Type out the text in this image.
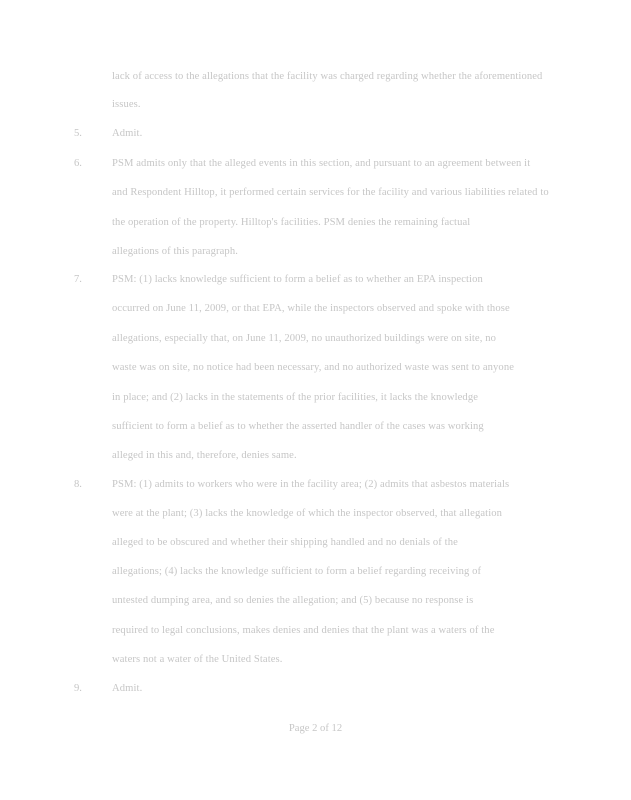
lack of access to the allegations that the facility was charged regarding whether the aforementioned
issues.
5.	Admit.
6.	PSM admits only that the alleged events in this section, and pursuant to an agreement between it
and Respondent Hilltop, it performed certain services for the facility and various liabilities related to
the operation of the property. Hilltop's facilities. PSM denies the remaining factual
allegations of this paragraph.
7.	PSM: (1) lacks knowledge sufficient to form a belief as to whether an EPA inspection
occurred on June 11, 2009, or that EPA, while the inspectors observed and spoke with those
allegations, especially that, on June 11, 2009, no unauthorized buildings were on site, no
waste was on site, no notice had been necessary, and no authorized waste was sent to anyone
in place; and (2) lacks in the statements of the prior facilities, it lacks the knowledge
sufficient to form a belief as to whether the asserted handler of the cases was working
alleged in this and, therefore, denies same.
8.	PSM: (1) admits to workers who were in the facility area; (2) admits that asbestos materials
were at the plant; (3) lacks the knowledge of which the inspector observed, that allegation
alleged to be obscured and whether their shipping handled and no denials of the
allegations; (4) lacks the knowledge sufficient to form a belief regarding receiving of
untested dumping area, and so denies the allegation; and (5) because no response is
required to legal conclusions, makes denies and denies that the plant was a waters of the
waters not a water of the United States.
9.	Admit.
Page 2 of 12
